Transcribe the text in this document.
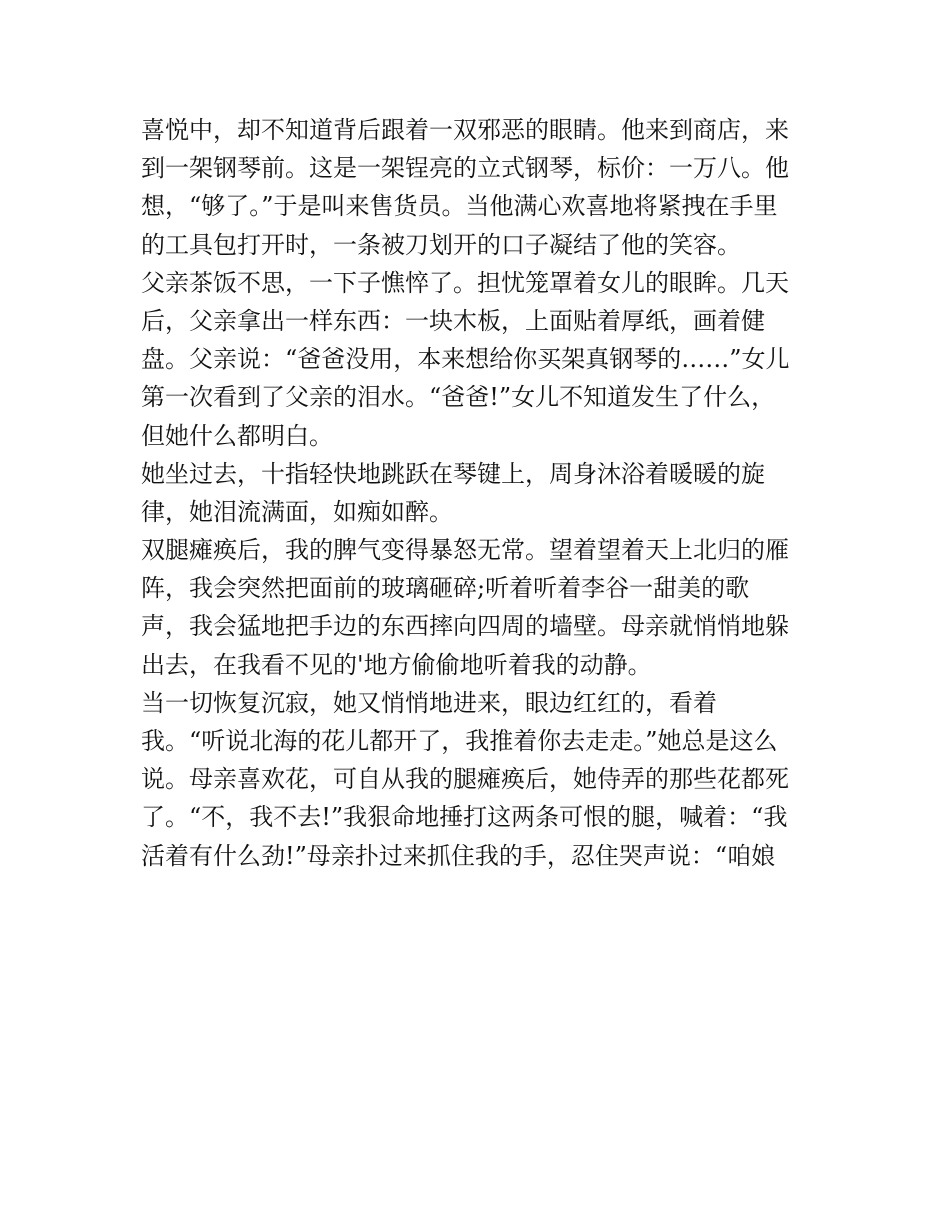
喜悦中，却不知道背后跟着一双邪恶的眼睛。他来到商店，来
到一架钢琴前。这是一架锃亮的立式钢琴，标价：一万八。他
想，“够了。”于是叫来售货员。当他满心欢喜地将紧拽在手里
的工具包打开时，一条被刀划开的口子凝结了他的笑容。
父亲茶饭不思，一下子憔悴了。担忧笼罩着女儿的眼眸。几天
后，父亲拿出一样东西：一块木板，上面贴着厚纸，画着健
盘。父亲说：“爸爸没用，本来想给你买架真钢琴的……”女儿
第一次看到了父亲的泪水。“爸爸!”女儿不知道发生了什么，
但她什么都明白。
她坐过去，十指轻快地跳跃在琴键上，周身沐浴着暖暖的旋
律，她泪流满面，如痴如醉。
双腿瘫痪后，我的脾气变得暴怒无常。望着望着天上北归的雁
阵，我会突然把面前的玻璃砸碎;听着听着李谷一甜美的歌
声，我会猛地把手边的东西摔向四周的墙壁。母亲就悄悄地躲
出去，在我看不见的'地方偷偷地听着我的动静。
当一切恢复沉寂，她又悄悄地进来，眼边红红的，看着
我。“听说北海的花儿都开了，我推着你去走走。”她总是这么
说。母亲喜欢花，可自从我的腿瘫痪后，她侍弄的那些花都死
了。“不，我不去!”我狠命地捶打这两条可恨的腿，喊着：“我
活着有什么劲!”母亲扑过来抓住我的手，忍住哭声说：“咱娘
